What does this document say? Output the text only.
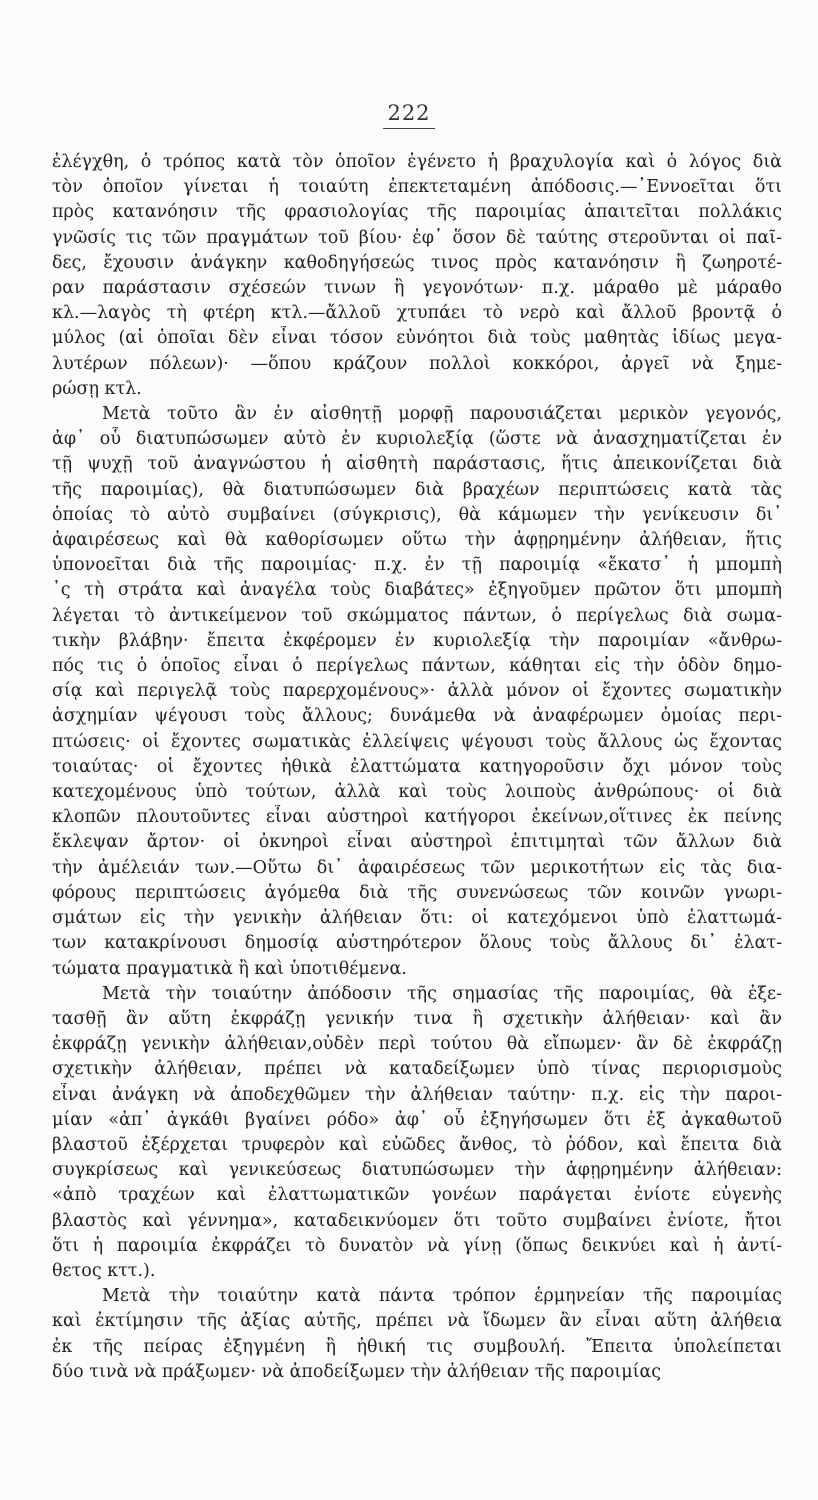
222
ἐλέγχθη, ὁ τρόπος κατὰ τὸν ὁποῖον ἐγένετο ἡ βραχυλογία καὶ ὁ λόγος διὰ
τὸν ὁποῖον γίνεται ἡ τοιαύτη ἐπεκτεταμένη ἀπόδοσις.—᾽Εννοεῖται ὅτι
πρὸς κατανόησιν τῆς φρασιολογίας τῆς παροιμίας ἀπαιτεῖται πολλάκις
γνῶσίς τις τῶν πραγμάτων τοῦ βίου· ἐφ᾽ ὅσον δὲ ταύτης στεροῦνται οἱ παῖ-
δες, ἔχουσιν ἀνάγκην καθοδηγήσεώς τινος πρὸς κατανόησιν ἢ ζωηροτέ-
ραν παράστασιν σχέσεών τινων ἢ γεγονότων· π.χ. μάραθο μὲ μάραθο
κλ.—λαγὸς τὴ φτέρη κτλ.—ἄλλοῦ χτυπάει τὸ νερὸ καὶ ἄλλοῦ βροντᾷ ὁ
μύλος (αἱ ὁποῖαι δὲν εἶναι τόσον εὐνόητοι διὰ τοὺς μαθητὰς ἰδίως μεγα-
λυτέρων πόλεων)· —ὅπου κράζουν πολλοὶ κοκκόροι, ἀργεῖ νὰ ξημε-
ρώσῃ κτλ.
Μετὰ τοῦτο ἂν ἐν αἰσθητῇ μορφῇ παρουσιάζεται μερικὸν γεγονός,
ἀφ᾽ οὗ διατυπώσωμεν αὐτὸ ἐν κυριολεξίᾳ (ὥστε νὰ ἀνασχηματίζεται ἐν
τῇ ψυχῇ τοῦ ἀναγνώστου ἡ αἰσθητὴ παράστασις, ἥτις ἀπεικονίζεται διὰ
τῆς παροιμίας), θὰ διατυπώσωμεν διὰ βραχέων περιπτώσεις κατὰ τὰς
ὁποίας τὸ αὐτὸ συμβαίνει (σύγκρισις), θὰ κάμωμεν τὴν γενίκευσιν δι᾽
ἀφαιρέσεως καὶ θὰ καθορίσωμεν οὕτω τὴν ἀφῃρημένην ἀλήθειαν, ἥτις
ὑπονοεῖται διὰ τῆς παροιμίας· π.χ. ἐν τῇ παροιμίᾳ «ἔκατσ᾽ ἡ μπομπὴ
᾽ς τὴ στράτα καὶ ἀναγέλα τοὺς διαβάτες» ἐξηγοῦμεν πρῶτον ὅτι μπομπὴ
λέγεται τὸ ἀντικείμενον τοῦ σκώμματος πάντων, ὁ περίγελως διὰ σωμα-
τικὴν βλάβην· ἔπειτα ἐκφέρομεν ἐν κυριολεξίᾳ τὴν παροιμίαν «ἄνθρω-
πός τις ὁ ὁποῖος εἶναι ὁ περίγελως πάντων, κάθηται εἰς τὴν ὁδὸν δημο-
σίᾳ καὶ περιγελᾷ τοὺς παρερχομένους»· ἀλλὰ μόνον οἱ ἔχοντες σωματικὴν
ἀσχημίαν ψέγουσι τοὺς ἄλλους; δυνάμεθα νὰ ἀναφέρωμεν ὁμοίας περι-
πτώσεις· οἱ ἔχοντες σωματικὰς ἐλλείψεις ψέγουσι τοὺς ἄλλους ὡς ἔχοντας
τοιαύτας· οἱ ἔχοντες ἠθικὰ ἐλαττώματα κατηγοροῦσιν ὄχι μόνον τοὺς
κατεχομένους ὑπὸ τούτων, ἀλλὰ καὶ τοὺς λοιποὺς ἀνθρώπους· οἱ διὰ
κλοπῶν πλουτοῦντες εἶναι αὐστηροὶ κατήγοροι ἐκείνων,οἵτινες ἐκ πείνης
ἔκλεψαν ἄρτον· οἱ ὀκνηροὶ εἶναι αὐστηροὶ ἐπιτιμηταὶ τῶν ἄλλων διὰ
τὴν ἀμέλειάν των.—Οὕτω δι᾽ ἀφαιρέσεως τῶν μερικοτήτων εἰς τὰς δια-
φόρους περιπτώσεις ἀγόμεθα διὰ τῆς συνενώσεως τῶν κοινῶν γνωρι-
σμάτων εἰς τὴν γενικὴν ἀλήθειαν ὅτι: οἱ κατεχόμενοι ὑπὸ ἐλαττωμά-
των κατακρίνουσι δημοσίᾳ αὐστηρότερον ὅλους τοὺς ἄλλους δι᾽ ἐλατ-
τώματα πραγματικὰ ἢ καὶ ὑποτιθέμενα.
Μετὰ τὴν τοιαύτην ἀπόδοσιν τῆς σημασίας τῆς παροιμίας, θὰ ἐξε-
τασθῇ ἂν αὕτη ἐκφράζῃ γενικήν τινα ἢ σχετικὴν ἀλήθειαν· καὶ ἂν
ἐκφράζῃ γενικὴν ἀλήθειαν,οὐδὲν περὶ τούτου θὰ εἴπωμεν· ἂν δὲ ἐκφράζῃ
σχετικὴν ἀλήθειαν, πρέπει νὰ καταδείξωμεν ὑπὸ τίνας περιορισμοὺς
εἶναι ἀνάγκη νὰ ἀποδεχθῶμεν τὴν ἀλήθειαν ταύτην· π.χ. εἰς τὴν παροι-
μίαν «ἀπ᾽ ἀγκάθι βγαίνει ρόδο» ἀφ᾽ οὗ ἐξηγήσωμεν ὅτι ἐξ ἀγκαθωτοῦ
βλαστοῦ ἐξέρχεται τρυφερὸν καὶ εὐῶδες ἄνθος, τὸ ῥόδον, καὶ ἔπειτα διὰ
συγκρίσεως καὶ γενικεύσεως διατυπώσωμεν τὴν ἀφῃρημένην ἀλήθειαν:
«ἀπὸ τραχέων καὶ ἐλαττωματικῶν γονέων παράγεται ἐνίοτε εὐγενὴς
βλαστὸς καὶ γέννημα», καταδεικνύομεν ὅτι τοῦτο συμβαίνει ἐνίοτε, ἤτοι
ὅτι ἡ παροιμία ἐκφράζει τὸ δυνατὸν νὰ γίνῃ (ὅπως δεικνύει καὶ ἡ ἀντί-
θετος κττ.).
Μετὰ τὴν τοιαύτην κατὰ πάντα τρόπον ἑρμηνείαν τῆς παροιμίας
καὶ ἐκτίμησιν τῆς ἀξίας αὐτῆς, πρέπει νὰ ἴδωμεν ἂν εἶναι αὕτη ἀλήθεια
ἐκ τῆς πείρας ἐξηγμένη ἢ ἠθική τις συμβουλή. Ἔπειτα ὑπολείπεται
δύο τινὰ νὰ πράξωμεν· νὰ ἀποδείξωμεν τὴν ἀλήθειαν τῆς παροιμίας
